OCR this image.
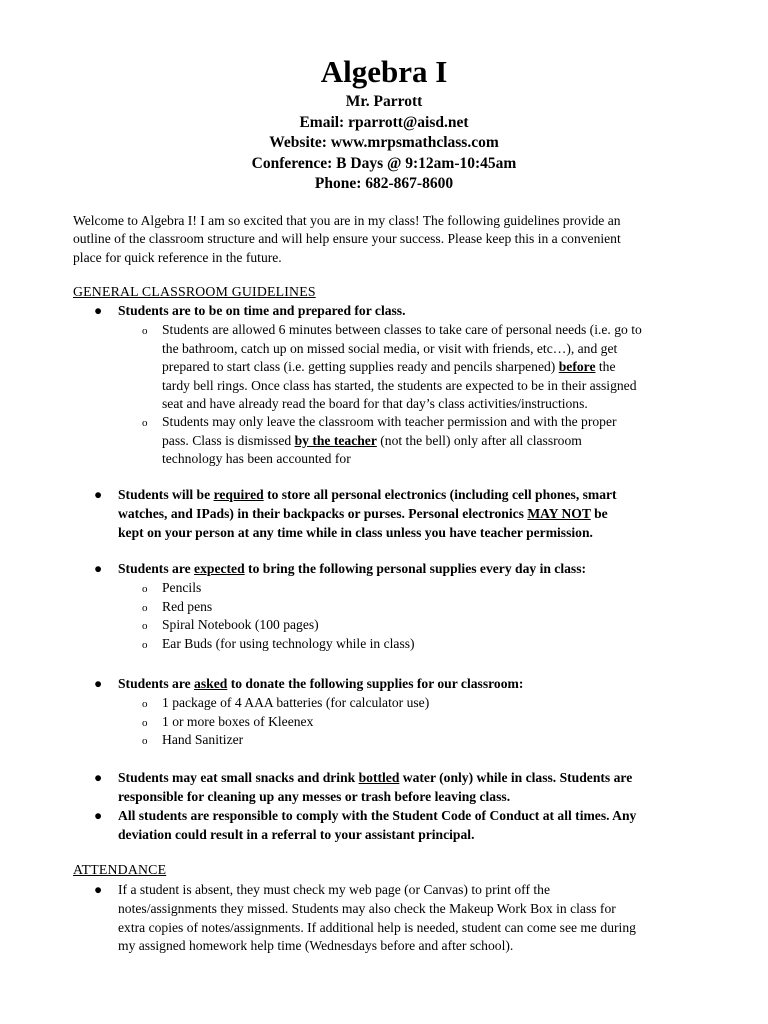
Algebra I
Mr. Parrott
Email: rparrott@aisd.net
Website: www.mrpsmathclass.com
Conference: B Days @ 9:12am-10:45am
Phone: 682-867-8600
Welcome to Algebra I! I am so excited that you are in my class! The following guidelines provide an
outline of the classroom structure and will help ensure your success. Please keep this in a convenient
place for quick reference in the future.
GENERAL CLASSROOM GUIDELINES
● Students are to be on time and prepared for class.
o Students are allowed 6 minutes between classes to take care of personal needs (i.e. go to
the bathroom, catch up on missed social media, or visit with friends, etc…), and get
prepared to start class (i.e. getting supplies ready and pencils sharpened) before the
tardy bell rings. Once class has started, the students are expected to be in their assigned
seat and have already read the board for that day’s class activities/instructions.
o Students may only leave the classroom with teacher permission and with the proper
pass. Class is dismissed by the teacher (not the bell) only after all classroom
technology has been accounted for
● Students will be required to store all personal electronics (including cell phones, smart
watches, and IPads) in their backpacks or purses. Personal electronics MAY NOT be
kept on your person at any time while in class unless you have teacher permission.
● Students are expected to bring the following personal supplies every day in class:
o Pencils
o Red pens
o Spiral Notebook (100 pages)
o Ear Buds (for using technology while in class)
● Students are asked to donate the following supplies for our classroom:
o 1 package of 4 AAA batteries (for calculator use)
o 1 or more boxes of Kleenex
o Hand Sanitizer
● Students may eat small snacks and drink bottled water (only) while in class. Students are
responsible for cleaning up any messes or trash before leaving class.
● All students are responsible to comply with the Student Code of Conduct at all times. Any
deviation could result in a referral to your assistant principal.
ATTENDANCE
● If a student is absent, they must check my web page (or Canvas) to print off the
notes/assignments they missed. Students may also check the Makeup Work Box in class for
extra copies of notes/assignments. If additional help is needed, student can come see me during
my assigned homework help time (Wednesdays before and after school).
